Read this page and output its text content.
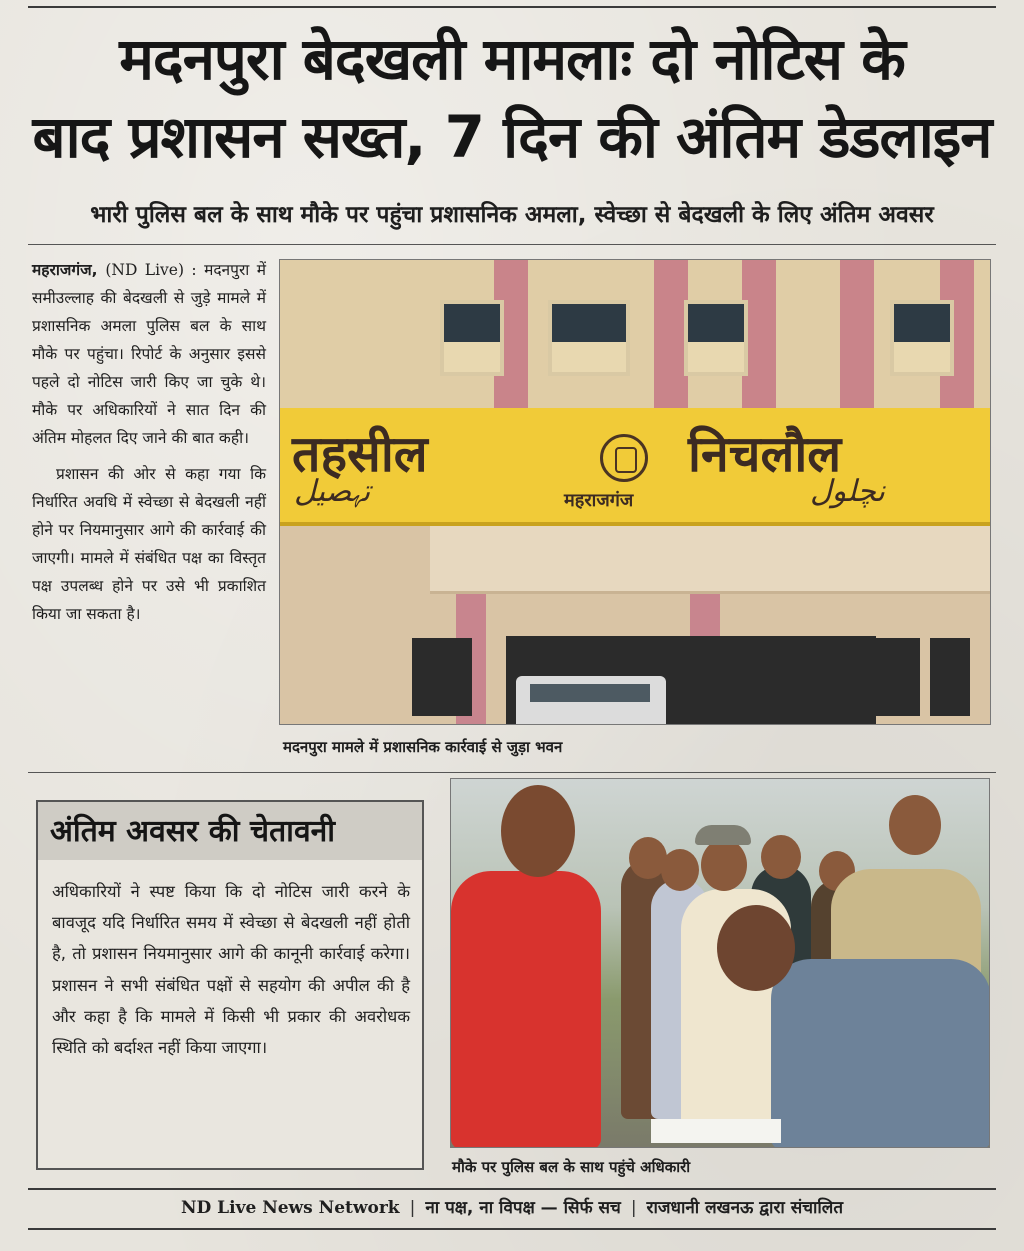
मदनपुरा बेदखली मामलाः दो नोटिस के
बाद प्रशासन सख्त, 7 दिन की अंतिम डेडलाइन
भारी पुलिस बल के साथ मौके पर पहुंचा प्रशासनिक अमला, स्वेच्छा से बेदखली के लिए अंतिम अवसर

महराजगंज, (ND Live) : मदनपुरा में समीउल्लाह की बेदखली से जुड़े मामले में प्रशासनिक अमला पुलिस बल के साथ मौके पर पहुंचा। रिपोर्ट के अनुसार इससे पहले दो नोटिस जारी किए जा चुके थे। मौके पर अधिकारियों ने सात दिन की अंतिम मोहलत दिए जाने की बात कही।

प्रशासन की ओर से कहा गया कि निर्धारित अवधि में स्वेच्छा से बेदखली नहीं होने पर नियमानुसार आगे की कार्रवाई की जाएगी। मामले में संबंधित पक्ष का विस्तृत पक्ष उपलब्ध होने पर उसे भी प्रकाशित किया जा सकता है।

तहसील	निचलौल
महराजगंज
ﺗﮩﺼﯿﻞ	ﻧﭽﻠﻮﻝ
मदनपुरा मामले में प्रशासनिक कार्रवाई से जुड़ा भवन
अंतिम अवसर की चेतावनी
अधिकारियों ने स्पष्ट किया कि दो नोटिस जारी करने के बावजूद यदि निर्धारित समय में स्वेच्छा से बेदखली नहीं होती है, तो प्रशासन नियमानुसार आगे की कानूनी कार्रवाई करेगा। प्रशासन ने सभी संबंधित पक्षों से सहयोग की अपील की है और कहा है कि मामले में किसी भी प्रकार की अवरोधक स्थिति को बर्दाश्त नहीं किया जाएगा।
मौके पर पुलिस बल के साथ पहुंचे अधिकारी
ND Live News Network | ना पक्ष, ना विपक्ष — सिर्फ सच | राजधानी लखनऊ द्वारा संचालित
